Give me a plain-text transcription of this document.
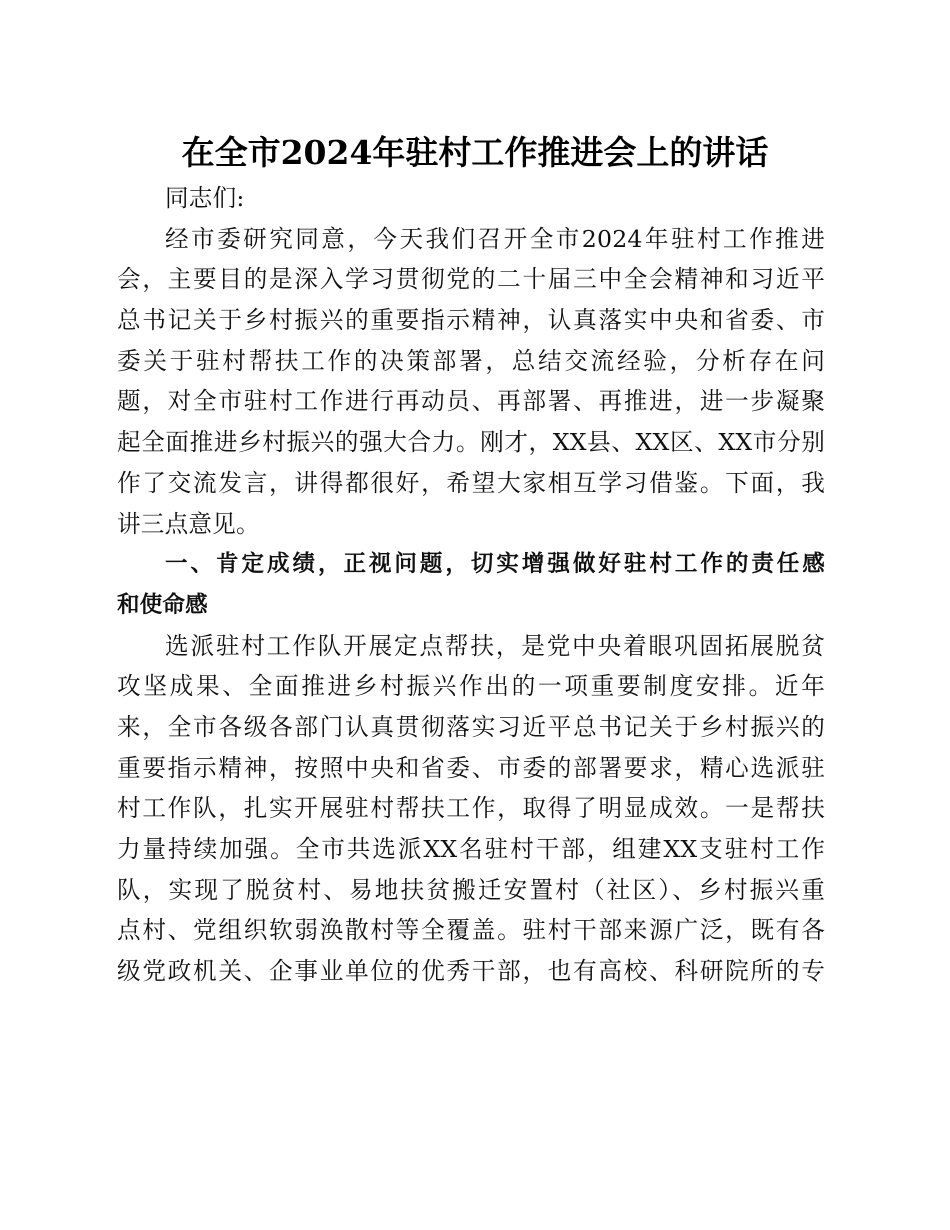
在全市2024年驻村工作推进会上的讲话
同志们:
经市委研究同意，今天我们召开全市2024年驻村工作推进
会，主要目的是深入学习贯彻党的二十届三中全会精神和习近平
总书记关于乡村振兴的重要指示精神，认真落实中央和省委、市
委关于驻村帮扶工作的决策部署，总结交流经验，分析存在问
题，对全市驻村工作进行再动员、再部署、再推进，进一步凝聚
起全面推进乡村振兴的强大合力。刚才，XX县、XX区、XX市分别
作了交流发言，讲得都很好，希望大家相互学习借鉴。下面，我
讲三点意见。
一、肯定成绩，正视问题，切实增强做好驻村工作的责任感
和使命感
选派驻村工作队开展定点帮扶，是党中央着眼巩固拓展脱贫
攻坚成果、全面推进乡村振兴作出的一项重要制度安排。近年
来，全市各级各部门认真贯彻落实习近平总书记关于乡村振兴的
重要指示精神，按照中央和省委、市委的部署要求，精心选派驻
村工作队，扎实开展驻村帮扶工作，取得了明显成效。一是帮扶
力量持续加强。全市共选派XX名驻村干部，组建XX支驻村工作
队，实现了脱贫村、易地扶贫搬迁安置村（社区）、乡村振兴重
点村、党组织软弱涣散村等全覆盖。驻村干部来源广泛，既有各
级党政机关、企事业单位的优秀干部，也有高校、科研院所的专
